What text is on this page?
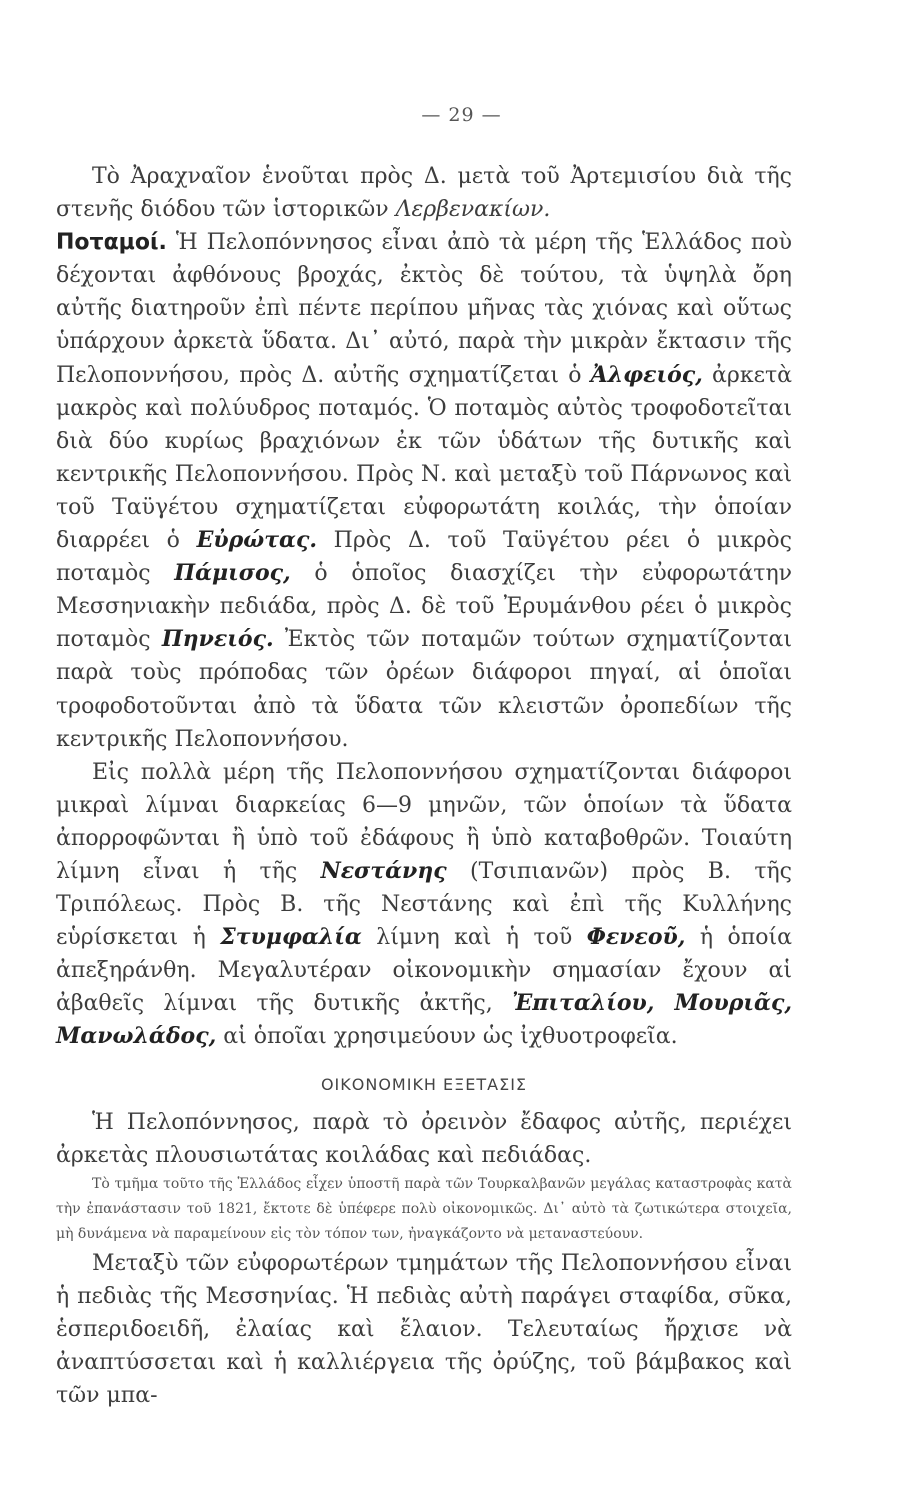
— 29 —

Τὸ Ἀραχναῖον ἑνοῦται πρὸς Δ. μετὰ τοῦ Ἀρτεμισίου διὰ τῆς στενῆς διόδου τῶν ἱστορικῶν Λερβενακίων.

Ποταμοί. Ἡ Πελοπόννησος εἶναι ἀπὸ τὰ μέρη τῆς Ἑλλάδος ποὺ δέχονται ἀφθόνους βροχάς, ἐκτὸς δὲ τούτου, τὰ ὑψηλὰ ὄρη αὐτῆς διατηροῦν ἐπὶ πέντε περίπου μῆνας τὰς χιόνας καὶ οὕτως ὑπάρχουν ἀρκετὰ ὕδατα. Δι᾿ αὐτό, παρὰ τὴν μικρὰν ἔκτασιν τῆς Πελοποννήσου, πρὸς Δ. αὐτῆς σχηματίζεται ὁ Ἀλφειός, ἀρκετὰ μακρὸς καὶ πολύυδρος ποταμός. Ὁ ποταμὸς αὐτὸς τροφοδοτεῖται διὰ δύο κυρίως βραχιόνων ἐκ τῶν ὑδάτων τῆς δυτικῆς καὶ κεντρικῆς Πελοποννήσου. Πρὸς Ν. καὶ μεταξὺ τοῦ Πάρνωνος καὶ τοῦ Ταϋγέτου σχηματίζεται εὐφορωτάτη κοιλάς, τὴν ὁποίαν διαρρέει ὁ Εὐρώτας. Πρὸς Δ. τοῦ Ταϋγέτου ρέει ὁ μικρὸς ποταμὸς Πάμισος, ὁ ὁποῖος διασχίζει τὴν εὐφορωτάτην Μεσσηνιακὴν πεδιάδα, πρὸς Δ. δὲ τοῦ Ἐρυμάνθου ρέει ὁ μικρὸς ποταμὸς Πηνειός. Ἐκτὸς τῶν ποταμῶν τούτων σχηματίζονται παρὰ τοὺς πρόποδας τῶν ὀρέων διάφοροι πηγαί, αἱ ὁποῖαι τροφοδοτοῦνται ἀπὸ τὰ ὕδατα τῶν κλειστῶν ὀροπεδίων τῆς κεντρικῆς Πελοποννήσου.

Εἰς πολλὰ μέρη τῆς Πελοποννήσου σχηματίζονται διάφοροι μικραὶ λίμναι διαρκείας 6—9 μηνῶν, τῶν ὁποίων τὰ ὕδατα ἀπορροφῶνται ἢ ὑπὸ τοῦ ἐδάφους ἢ ὑπὸ καταβοθρῶν. Τοιαύτη λίμνη εἶναι ἡ τῆς Νεστάνης (Τσιπιανῶν) πρὸς Β. τῆς Τριπόλεως. Πρὸς Β. τῆς Νεστάνης καὶ ἐπὶ τῆς Κυλλήνης εὑρίσκεται ἡ Στυμφαλία λίμνη καὶ ἡ τοῦ Φενεοῦ, ἡ ὁποία ἀπεξηράνθη. Μεγαλυτέραν οἰκονομικὴν σημασίαν ἔχουν αἱ ἀβαθεῖς λίμναι τῆς δυτικῆς ἀκτῆς, Ἐπιταλίου, Μουριᾶς, Μανωλάδος, αἱ ὁποῖαι χρησιμεύουν ὡς ἰχθυοτροφεῖα.

ΟΙΚΟΝΟΜΙΚΗ ΕΞΕΤΑΣΙΣ

Ἡ Πελοπόννησος, παρὰ τὸ ὀρεινὸν ἔδαφος αὐτῆς, περιέχει ἀρκετὰς πλουσιωτάτας κοιλάδας καὶ πεδιάδας.

Τὸ τμῆμα τοῦτο τῆς Ἑλλάδος εἶχεν ὑποστῆ παρὰ τῶν Τουρκαλβανῶν μεγάλας καταστροφὰς κατὰ τὴν ἐπανάστασιν τοῦ 1821, ἔκτοτε δὲ ὑπέφερε πολὺ οἰκονομικῶς. Δι᾿ αὐτὸ τὰ ζωτικώτερα στοιχεῖα, μὴ δυνάμενα νὰ παραμείνουν εἰς τὸν τόπον των, ἠναγκάζοντο νὰ μεταναστεύουν.

Μεταξὺ τῶν εὐφορωτέρων τμημάτων τῆς Πελοποννήσου εἶναι ἡ πεδιὰς τῆς Μεσσηνίας. Ἡ πεδιὰς αὐτὴ παράγει σταφίδα, σῦκα, ἑσπεριδοειδῆ, ἐλαίας καὶ ἔλαιον. Τελευταίως ἤρχισε νὰ ἀναπτύσσεται καὶ ἡ καλλιέργεια τῆς ὀρύζης, τοῦ βάμβακος καὶ τῶν μπα-
